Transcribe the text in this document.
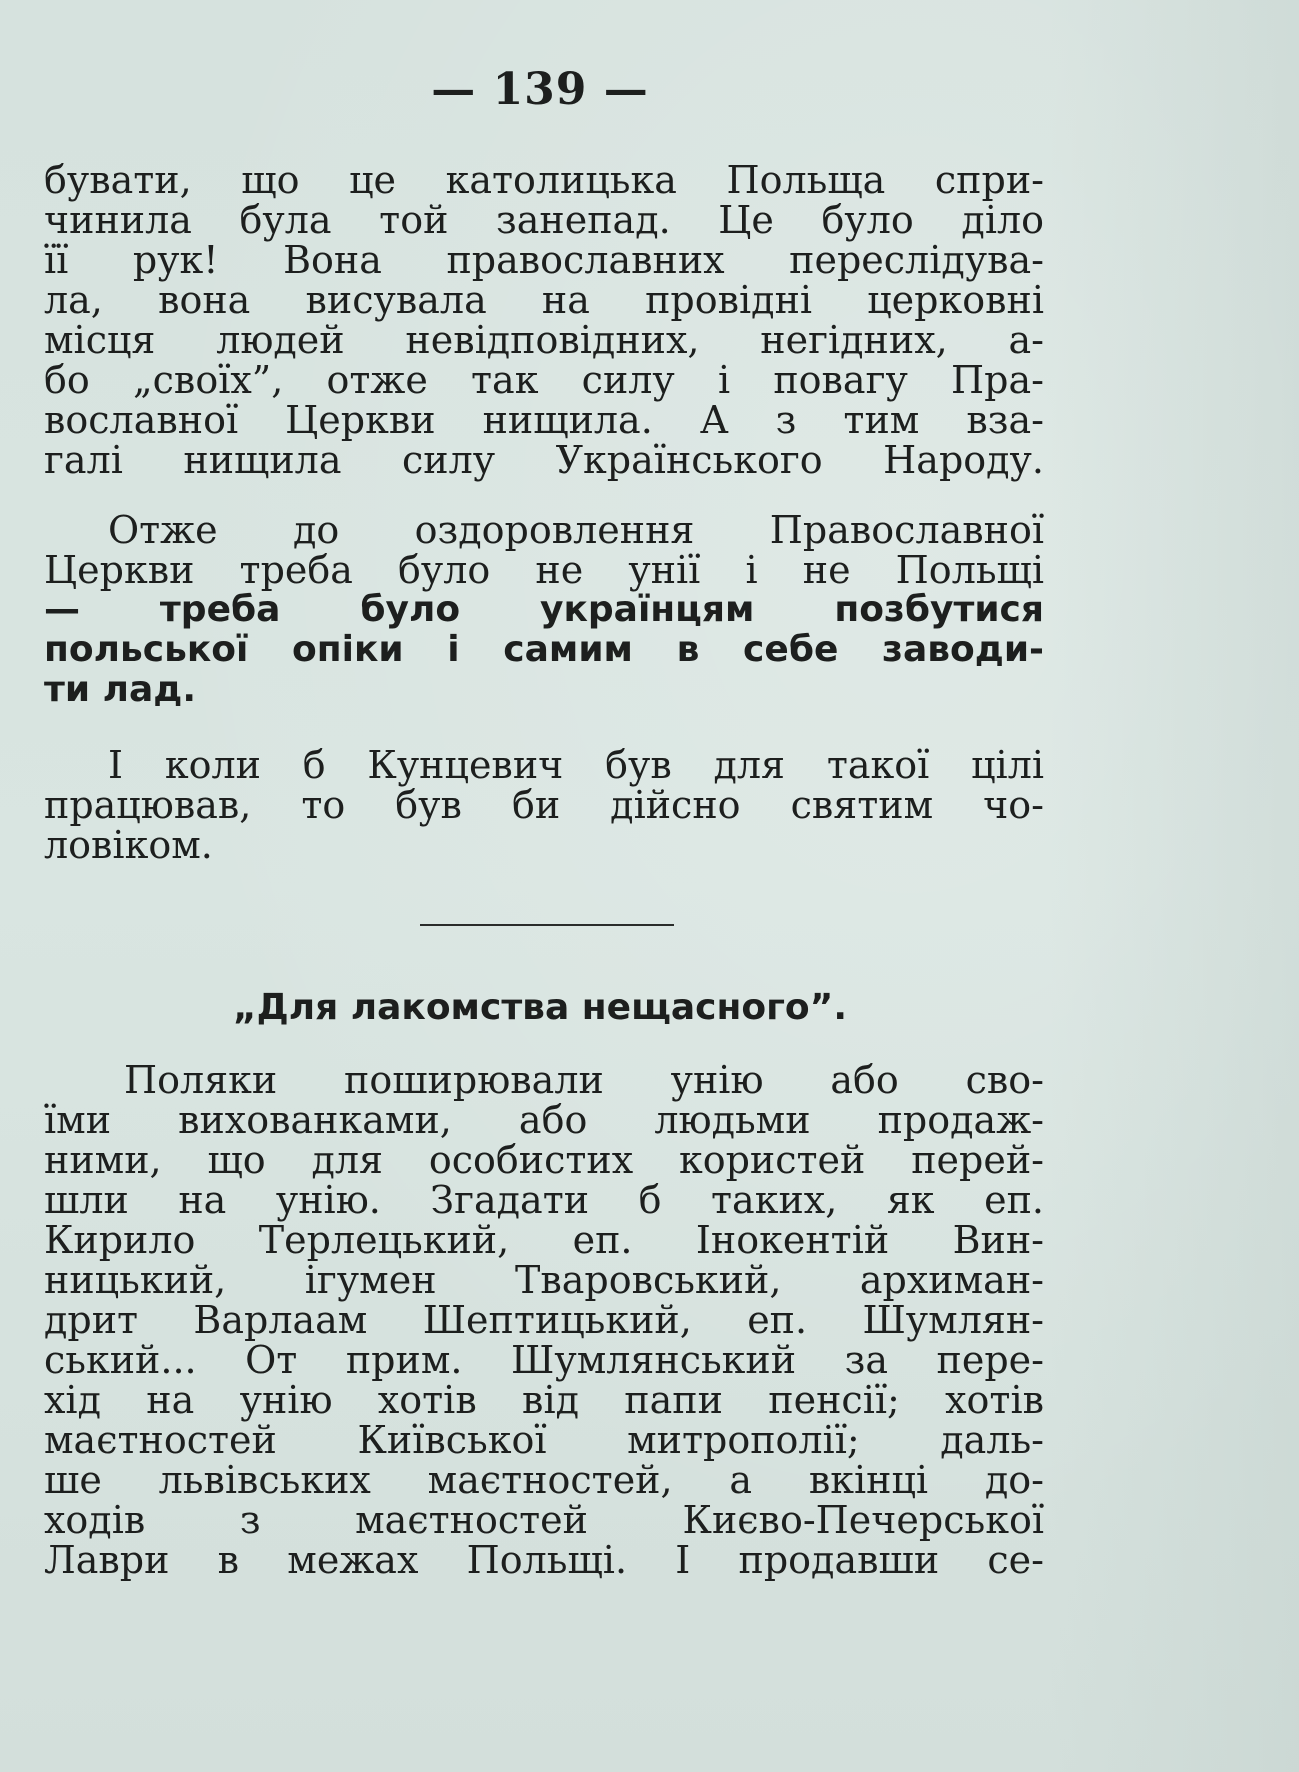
— 139 —
бувати, що це католицька Польща спри-
чинила була той занепад. Це було діло
її рук! Вона православних переслідува-
ла, вона висувала на провідні церковні
місця людей невідповідних, негідних, а-
бо „своїх”, отже так силу і повагу Пра-
вославної Церкви нищила. А з тим вза-
галі нищила силу Українського Народу.
Отже до оздоровлення Православної
Церкви треба було не унії і не Польщі
— треба було українцям позбутися
польської опіки і самим в себе заводи-
ти лад.
І коли б Кунцевич був для такої цілі
працював, то був би дійсно святим чо-
ловіком.
„Для лакомства нещасного”.
Поляки поширювали унію або сво-
їми вихованками, або людьми продаж-
ними, що для особистих користей перей-
шли на унію. Згадати б таких, як еп.
Кирило Терлецький, еп. Інокентій Вин-
ницький, ігумен Тваровський, архиман-
дрит Варлаам Шептицький, еп. Шумлян-
ський... От прим. Шумлянський за пере-
хід на унію хотів від папи пенсії; хотів
маєтностей Київської митрополії; даль-
ше львівських маєтностей, а вкінці до-
ходів з маєтностей Києво-Печерської
Лаври в межах Польщі. І продавши се-
